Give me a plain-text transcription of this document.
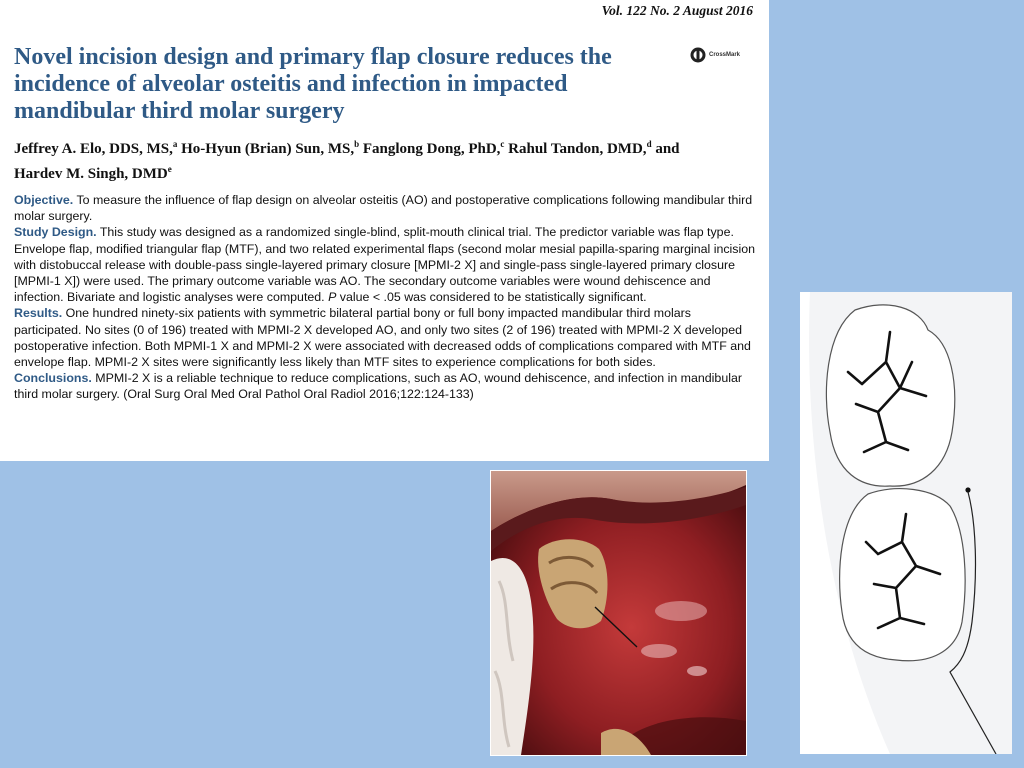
Vol. 122 No. 2 August 2016
Novel incision design and primary flap closure reduces the incidence of alveolar osteitis and infection in impacted mandibular third molar surgery
CrossMark

Jeffrey A. Elo, DDS, MS,$^a$ Ho-Hyun (Brian) Sun, MS,$^b$ Fanglong Dong, PhD,$^c$ Rahul Tandon, DMD,$^d$ and
Hardev M. Singh, DMDe

Objective. To measure the influence of flap design on alveolar osteitis (AO) and postoperative complications following mandibular third molar surgery.

Study Design. This study was designed as a randomized single-blind, split-mouth clinical trial. The predictor variable was flap type. Envelope flap, modified triangular flap (MTF), and two related experimental flaps (second molar mesial papilla-sparing marginal incision with distobuccal release with double-pass single-layered primary closure [MPMI-2 X] and single-pass single-layered primary closure [MPMI-1 X]) were used. The primary outcome variable was AO. The secondary outcome variables were wound dehiscence and infection. Bivariate and logistic analyses were computed. P value < .05 was considered to be statistically significant.

Results. One hundred ninety-six patients with symmetric bilateral partial bony or full bony impacted mandibular third molars participated. No sites (0 of 196) treated with MPMI-2 X developed AO, and only two sites (2 of 196) treated with MPMI-2 X developed postoperative infection. Both MPMI-1 X and MPMI-2 X were associated with decreased odds of complications compared with MTF and envelope flap. MPMI-2 X sites were significantly less likely than MTF sites to experience complications for both sides.

Conclusions. MPMI-2 X is a reliable technique to reduce complications, such as AO, wound dehiscence, and infection in mandibular third molar surgery. (Oral Surg Oral Med Oral Pathol Oral Radiol 2016;122:124-133)
